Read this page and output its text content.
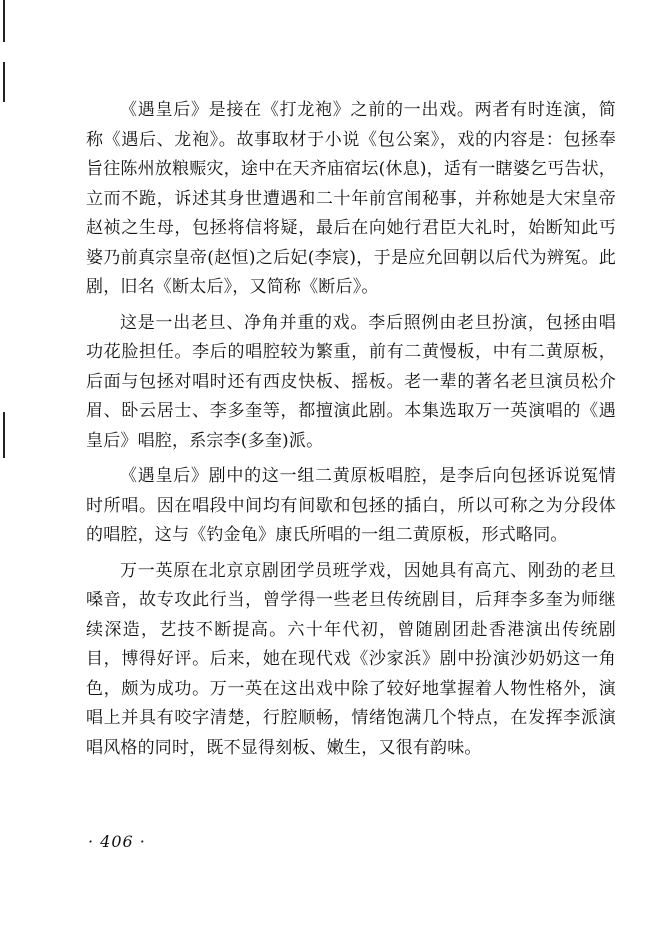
《遇皇后》是接在《打龙袍》之前的一出戏。两者有时连演，简称《遇后、龙袍》。故事取材于小说《包公案》，戏的内容是：包拯奉旨往陈州放粮赈灾，途中在天齐庙宿坛(休息)，适有一瞎婆乞丐告状，立而不跪，诉述其身世遭遇和二十年前宫闱秘事，并称她是大宋皇帝赵祯之生母，包拯将信将疑，最后在向她行君臣大礼时，始断知此丐婆乃前真宗皇帝(赵恒)之后妃(李宸)，于是应允回朝以后代为辨冤。此剧，旧名《断太后》，又简称《断后》。

这是一出老旦、净角并重的戏。李后照例由老旦扮演，包拯由唱功花脸担任。李后的唱腔较为繁重，前有二黄慢板，中有二黄原板，后面与包拯对唱时还有西皮快板、摇板。老一辈的著名老旦演员松介眉、卧云居士、李多奎等，都擅演此剧。本集选取万一英演唱的《遇皇后》唱腔，系宗李(多奎)派。

《遇皇后》剧中的这一组二黄原板唱腔，是李后向包拯诉说冤情时所唱。因在唱段中间均有间歇和包拯的插白，所以可称之为分段体的唱腔，这与《钓金龟》康氏所唱的一组二黄原板，形式略同。

万一英原在北京京剧团学员班学戏，因她具有高亢、刚劲的老旦嗓音，故专攻此行当，曾学得一些老旦传统剧目，后拜李多奎为师继续深造，艺技不断提高。六十年代初，曾随剧团赴香港演出传统剧目，博得好评。后来，她在现代戏《沙家浜》剧中扮演沙奶奶这一角色，颇为成功。万一英在这出戏中除了较好地掌握着人物性格外，演唱上并具有咬字清楚，行腔顺畅，情绪饱满几个特点，在发挥李派演唱风格的同时，既不显得刻板、嫩生，又很有韵味。

· 406 ·
